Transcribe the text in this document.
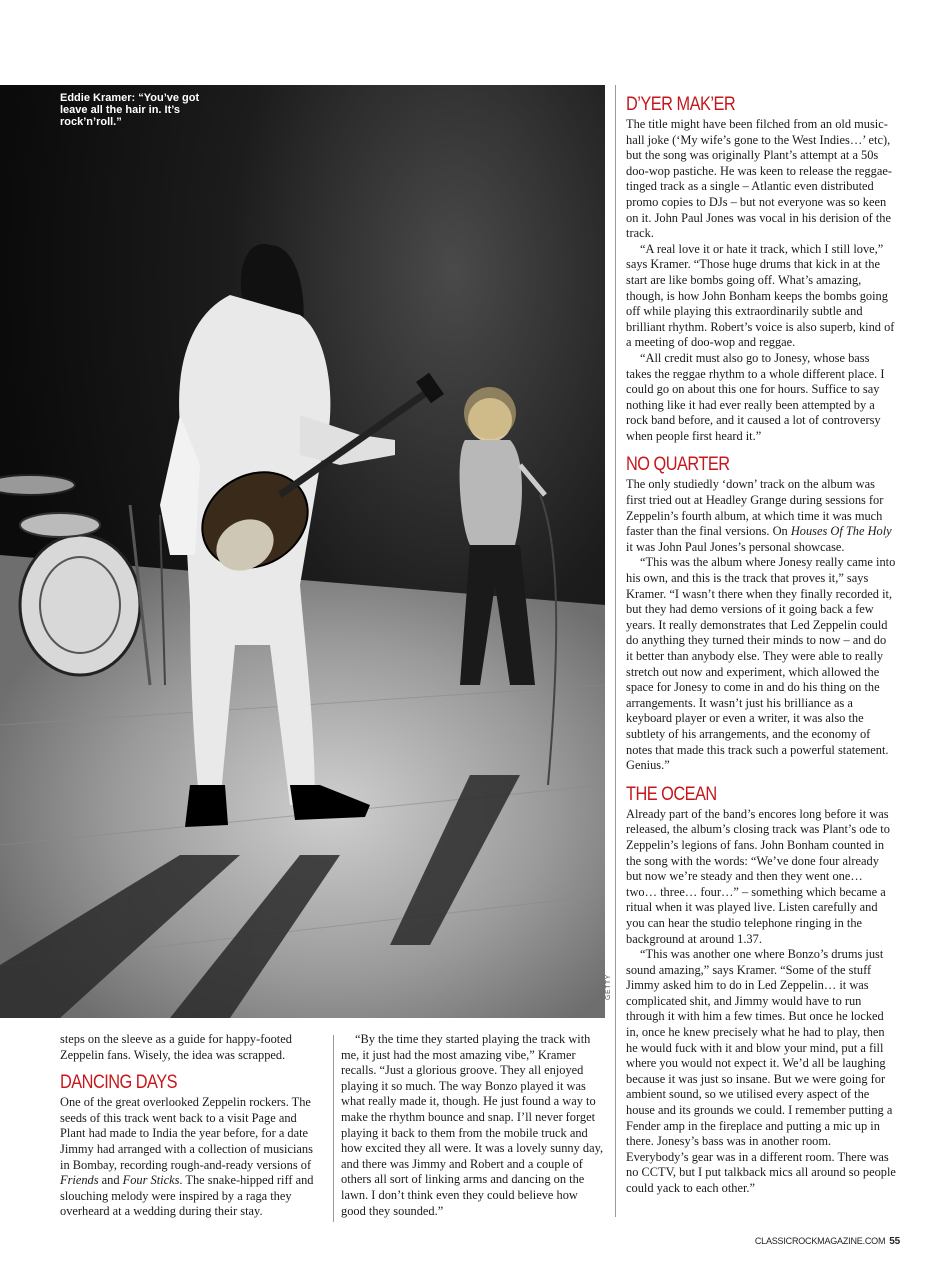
Eddie Kramer: “You’ve got leave all the hair in. It’s rock’n’roll.”
GETTY
D’YER MAK’ER

The title might have been filched from an old music-hall joke (‘My wife’s gone to the West Indies…’ etc), but the song was originally Plant’s attempt at a 50s doo-wop pastiche. He was keen to release the reggae-tinged track as a single – Atlantic even distributed promo copies to DJs – but not everyone was so keen on it. John Paul Jones was vocal in his derision of the track.

“A real love it or hate it track, which I still love,” says Kramer. “Those huge drums that kick in at the start are like bombs going off. What’s amazing, though, is how John Bonham keeps the bombs going off while playing this extraordinarily subtle and brilliant rhythm. Robert’s voice is also superb, kind of a meeting of doo-wop and reggae.

“All credit must also go to Jonesy, whose bass takes the reggae rhythm to a whole different place. I could go on about this one for hours. Suffice to say nothing like it had ever really been attempted by a rock band before, and it caused a lot of controversy when people first heard it.”

NO QUARTER

The only studiedly ‘down’ track on the album was first tried out at Headley Grange during sessions for Zeppelin’s fourth album, at which time it was much faster than the final versions. On Houses Of The Holy it was John Paul Jones’s personal showcase.

“This was the album where Jonesy really came into his own, and this is the track that proves it,” says Kramer. “I wasn’t there when they finally recorded it, but they had demo versions of it going back a few years. It really demonstrates that Led Zeppelin could do anything they turned their minds to now – and do it better than anybody else. They were able to really stretch out now and experiment, which allowed the space for Jonesy to come in and do his thing on the arrangements. It wasn’t just his brilliance as a keyboard player or even a writer, it was also the subtlety of his arrangements, and the economy of notes that made this track such a powerful statement. Genius.”

THE OCEAN

Already part of the band’s encores long before it was released, the album’s closing track was Plant’s ode to Zeppelin’s legions of fans. John Bonham counted in the song with the words: “We’ve done four already but now we’re steady and then they went one… two… three… four…” – something which became a ritual when it was played live. Listen carefully and you can hear the studio telephone ringing in the background at around 1.37.

“This was another one where Bonzo’s drums just sound amazing,” says Kramer. “Some of the stuff Jimmy asked him to do in Led Zeppelin… it was complicated shit, and Jimmy would have to run through it with him a few times. But once he locked in, once he knew precisely what he had to play, then he would fuck with it and blow your mind, put a fill where you would not expect it. We’d all be laughing because it was just so insane. But we were going for ambient sound, so we utilised every aspect of the house and its grounds we could. I remember putting a Fender amp in the fireplace and putting a mic up in there. Jonesy’s bass was in another room. Everybody’s gear was in a different room. There was no CCTV, but I put talkback mics all around so people could yack to each other.”

steps on the sleeve as a guide for happy-footed Zeppelin fans. Wisely, the idea was scrapped.

DANCING DAYS

One of the great overlooked Zeppelin rockers. The seeds of this track went back to a visit Page and Plant had made to India the year before, for a date Jimmy had arranged with a collection of musicians in Bombay, recording rough-and-ready versions of Friends and Four Sticks. The snake-hipped riff and slouching melody were inspired by a raga they overheard at a wedding during their stay.

“By the time they started playing the track with me, it just had the most amazing vibe,” Kramer recalls. “Just a glorious groove. They all enjoyed playing it so much. The way Bonzo played it was what really made it, though. He just found a way to make the rhythm bounce and snap. I’ll never forget playing it back to them from the mobile truck and how excited they all were. It was a lovely sunny day, and there was Jimmy and Robert and a couple of others all sort of linking arms and dancing on the lawn. I don’t think even they could believe how good they sounded.”

CLASSICROCKMAGAZINE.COM 55
